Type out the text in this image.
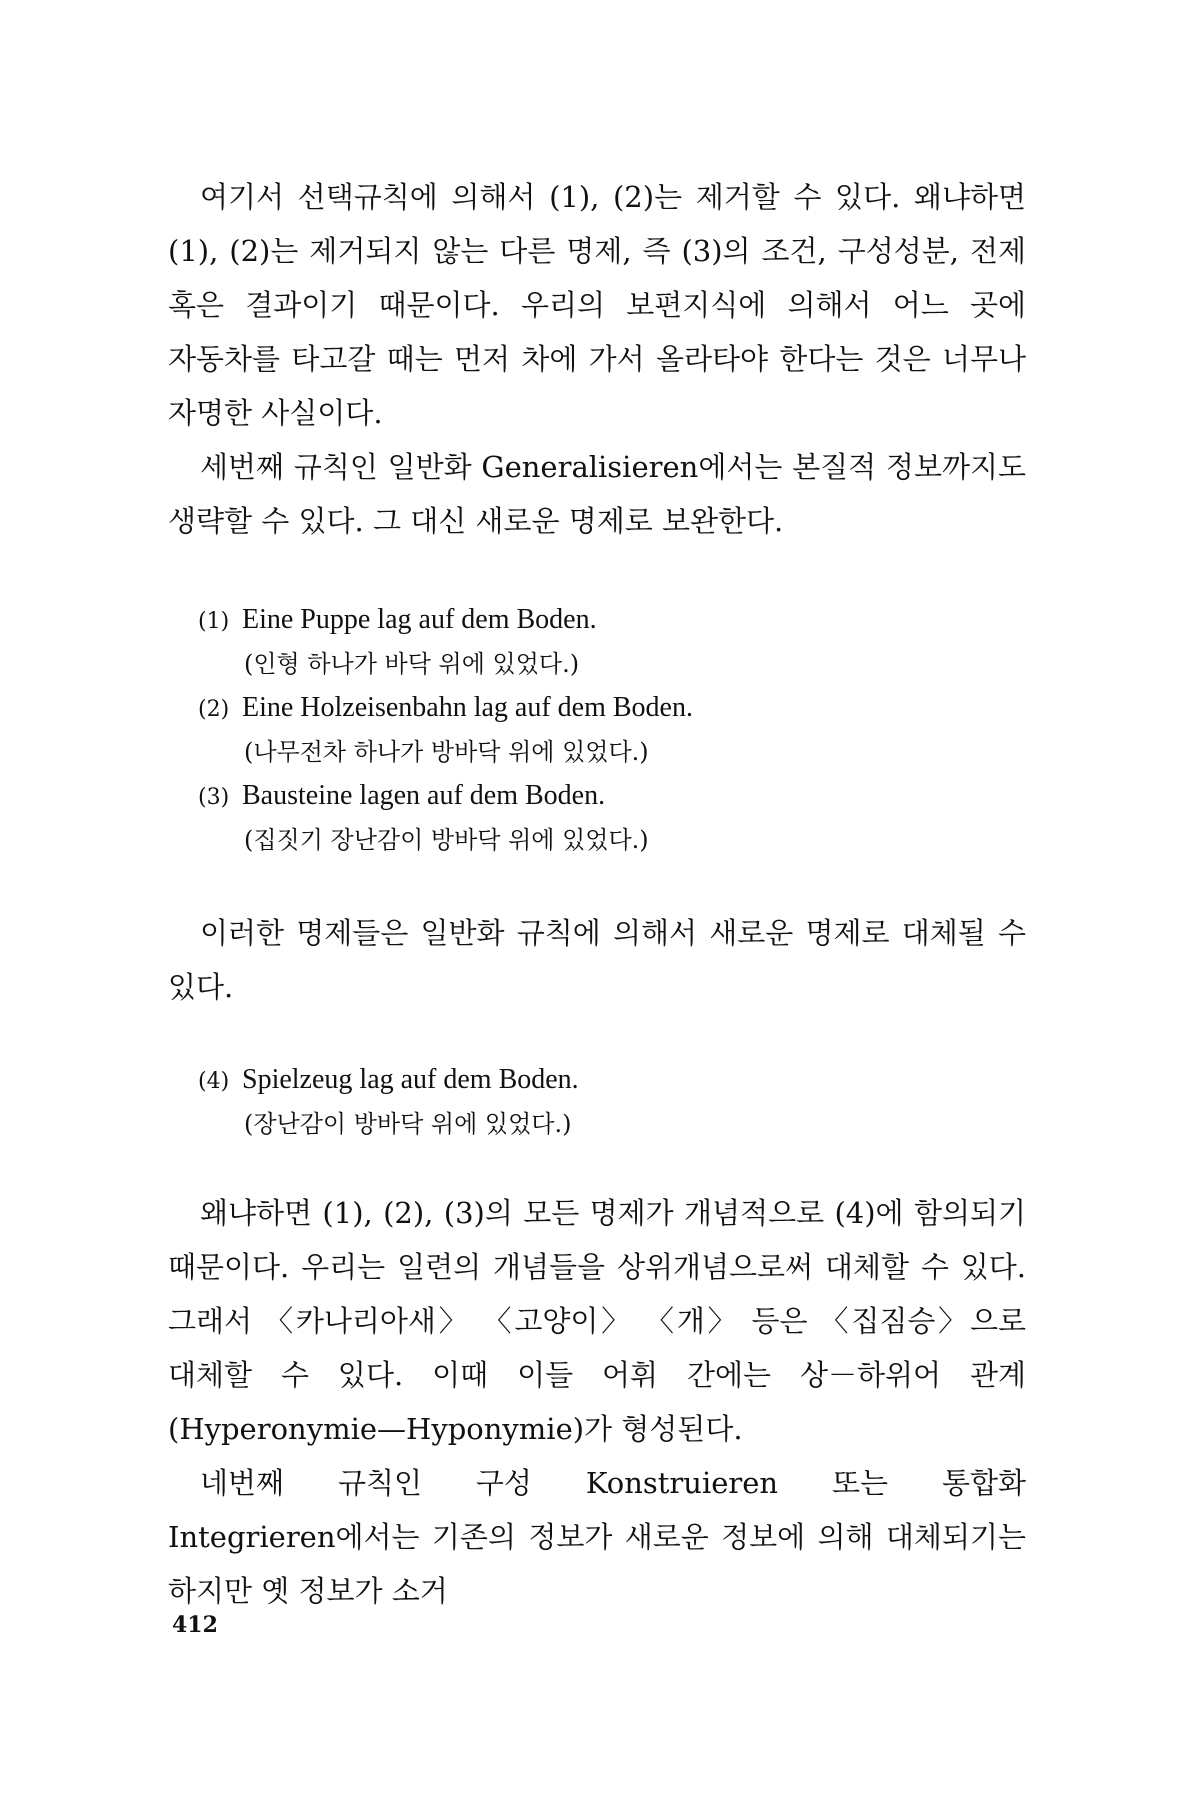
여기서 선택규칙에 의해서 (1), (2)는 제거할 수 있다. 왜냐하면 (1), (2)는 제거되지 않는 다른 명제, 즉 (3)의 조건, 구성성분, 전제 혹은 결과이기 때문이다. 우리의 보편지식에 의해서 어느 곳에 자동차를 타고갈 때는 먼저 차에 가서 올라타야 한다는 것은 너무나 자명한 사실이다.

세번째 규칙인 일반화 Generalisieren에서는 본질적 정보까지도 생략할 수 있다. 그 대신 새로운 명제로 보완한다.

(1) Eine Puppe lag auf dem Boden.
(인형 하나가 바닥 위에 있었다.)
(2) Eine Holzeisenbahn lag auf dem Boden.
(나무전차 하나가 방바닥 위에 있었다.)
(3) Bausteine lagen auf dem Boden.
(집짓기 장난감이 방바닥 위에 있었다.)

이러한 명제들은 일반화 규칙에 의해서 새로운 명제로 대체될 수 있다.

(4) Spielzeug lag auf dem Boden.
(장난감이 방바닥 위에 있었다.)

왜냐하면 (1), (2), (3)의 모든 명제가 개념적으로 (4)에 함의되기 때문이다. 우리는 일련의 개념들을 상위개념으로써 대체할 수 있다. 그래서 〈카나리아새〉 〈고양이〉 〈개〉 등은 〈집짐승〉으로 대체할 수 있다. 이때 이들 어휘 간에는 상－하위어 관계(Hyperonymie—Hyponymie)가 형성된다.

네번째 규칙인 구성 Konstruieren 또는 통합화 Integrieren에서는 기존의 정보가 새로운 정보에 의해 대체되기는 하지만 옛 정보가 소거

412
